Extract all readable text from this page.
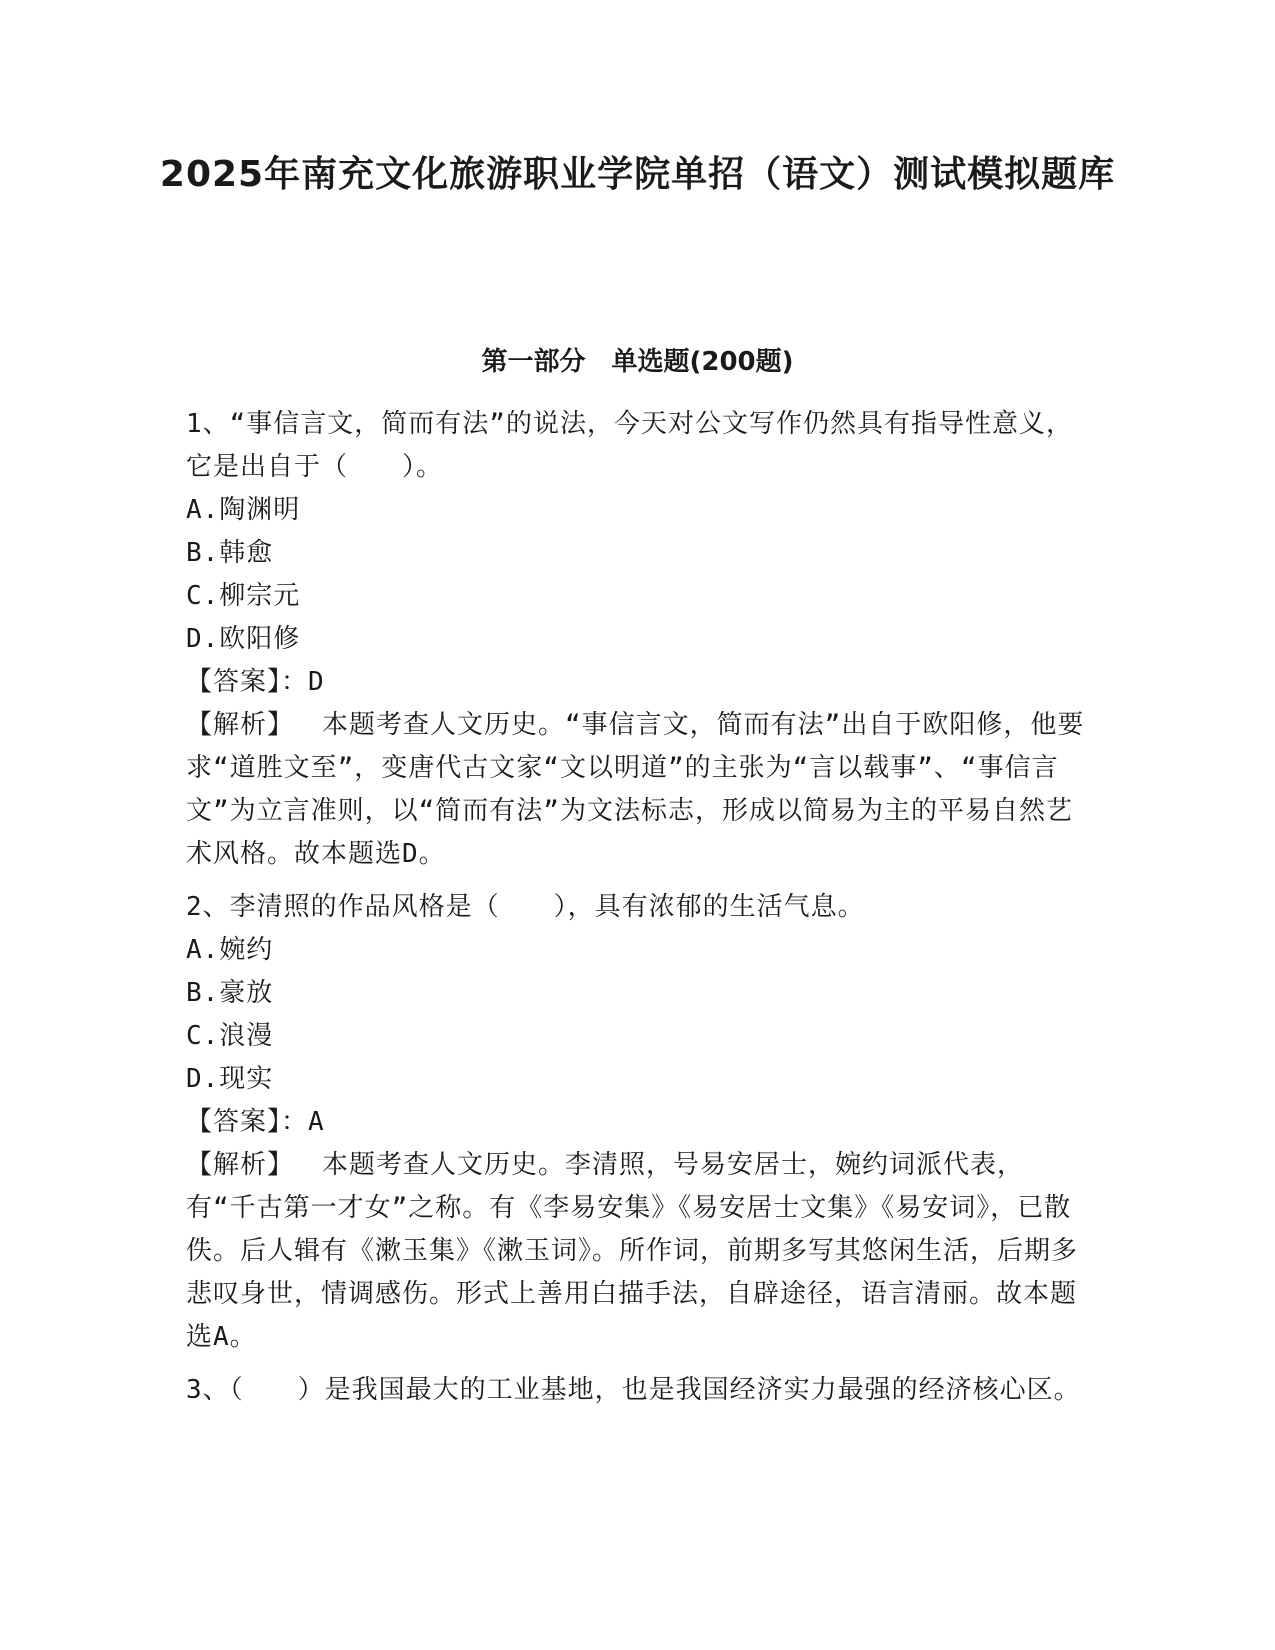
2025年南充文化旅游职业学院单招（语文）测试模拟题库
第一部分　单选题(200题)

1、“事信言文，简而有法”的说法，今天对公文写作仍然具有指导性意义，它是出自于（　　）。

A.陶渊明

B.韩愈

C.柳宗元

D.欧阳修

【答案】：D

【解析】 本题考查人文历史。“事信言文，简而有法”出自于欧阳修，他要求“道胜文至”，变唐代古文家“文以明道”的主张为“言以载事”、“事信言文”为立言准则，以“简而有法”为文法标志，形成以简易为主的平易自然艺术风格。故本题选D。

2、李清照的作品风格是（　　），具有浓郁的生活气息。

A.婉约

B.豪放

C.浪漫

D.现实

【答案】：A

【解析】 本题考查人文历史。李清照，号易安居士，婉约词派代表，有“千古第一才女”之称。有《李易安集》《易安居士文集》《易安词》，已散佚。后人辑有《漱玉集》《漱玉词》。所作词，前期多写其悠闲生活，后期多悲叹身世，情调感伤。形式上善用白描手法，自辟途径，语言清丽。故本题选A。

3、（　　）是我国最大的工业基地，也是我国经济实力最强的经济核心区。
